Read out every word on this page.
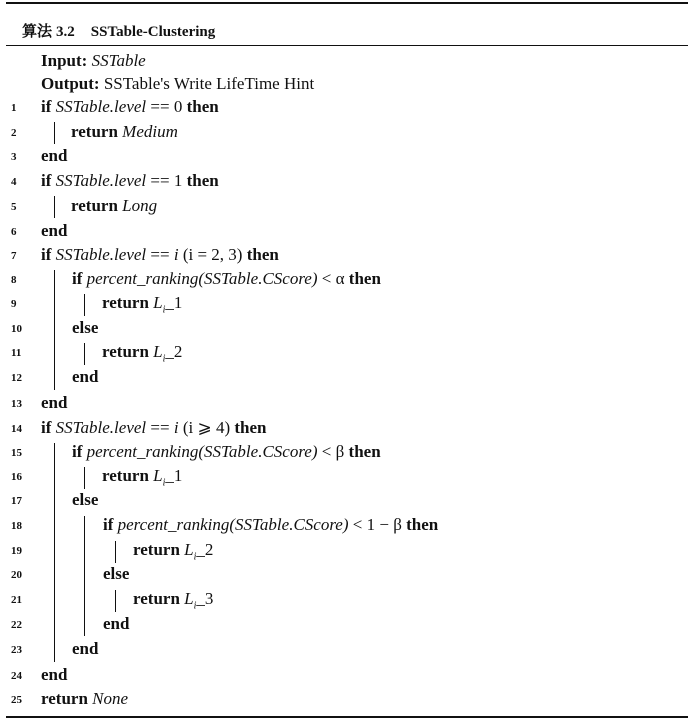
算法 3.2 SSTable-Clustering
Input: SSTable
Output: SSTable's Write LifeTime Hint
1
2
3
4
5
6
7
8
9
10
11
12
13
14
15
16
17
18
19
20
21
22
23
24
25
if SSTable.level == 0 then
return Medium
end
if SSTable.level == 1 then
return Long
end
if SSTable.level == i (i = 2, 3) then
if percent_ranking(SSTable.CScore) < α then
return $L_i\_1$
else
return $L_i\_2$
end
end
if SSTable.level == i (i ⩾ 4) then
if percent_ranking(SSTable.CScore) < β then
return $L_i\_1$
else
if percent_ranking(SSTable.CScore) < 1 − β then
return $L_i\_2$
else
return $L_i\_3$
end
end
end
return None
